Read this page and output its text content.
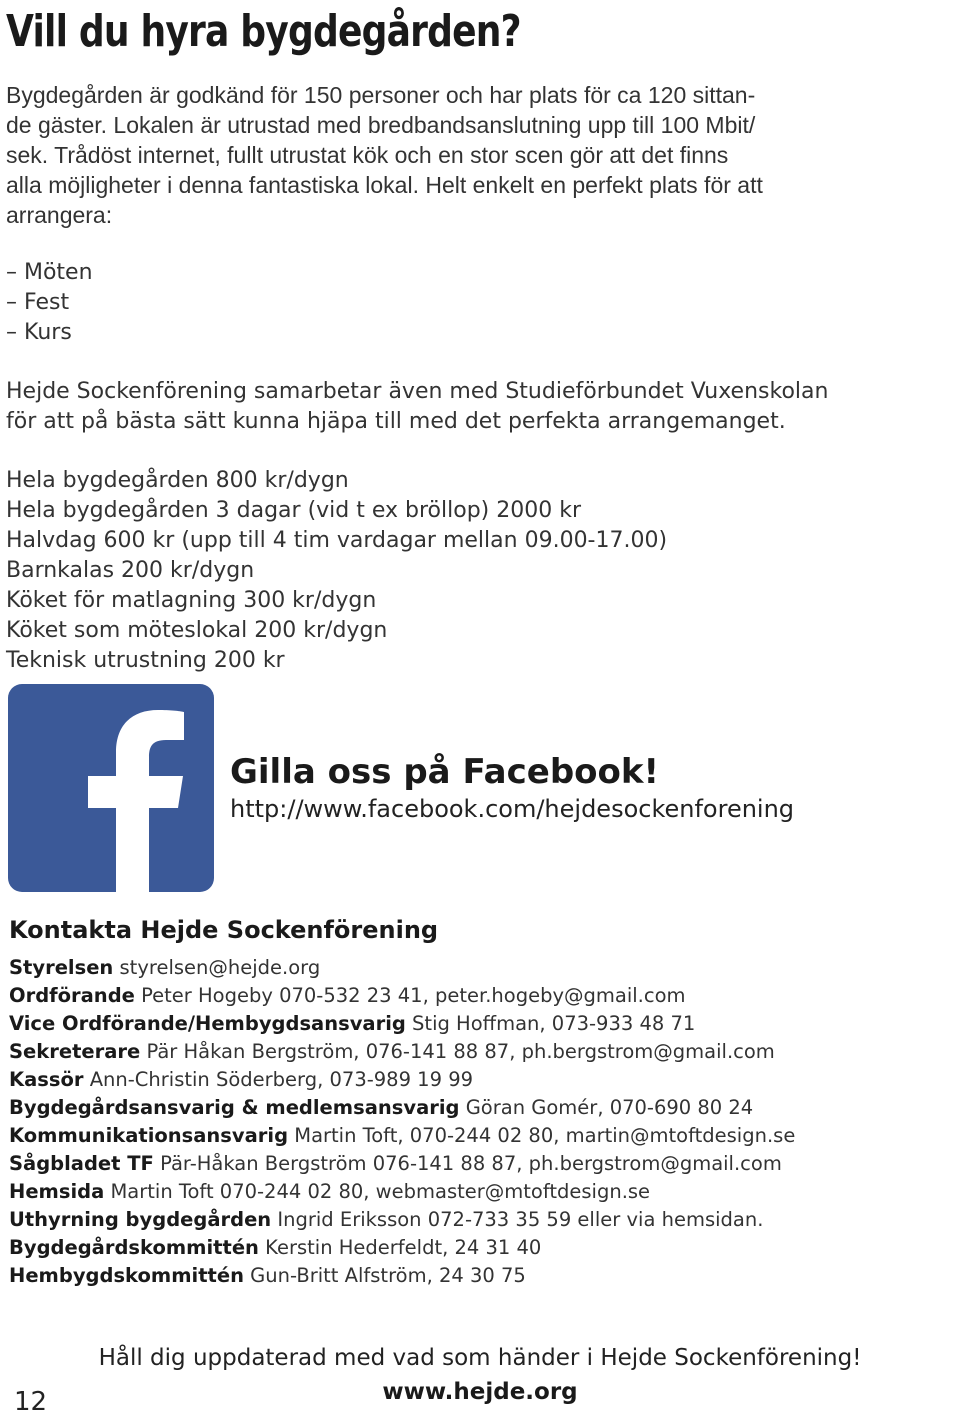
Vill du hyra bygdegården?
Bygdegården är godkänd för 150 personer och har plats för ca 120 sittan-
de gäster. Lokalen är utrustad med bredbandsanslutning upp till 100 Mbit/
sek. Trådöst internet, fullt utrustat kök och en stor scen gör att det finns
alla möjligheter i denna fantastiska lokal. Helt enkelt en perfekt plats för att
arrangera:
– Möten
– Fest
– Kurs
Hejde Sockenförening samarbetar även med Studieförbundet Vuxenskolan
för att på bästa sätt kunna hjäpa till med det perfekta arrangemanget.
Hela bygdegården 800 kr/dygn
Hela bygdegården 3 dagar (vid t ex bröllop) 2000 kr
Halvdag 600 kr (upp till 4 tim vardagar mellan 09.00-17.00)
Barnkalas 200 kr/dygn
Köket för matlagning 300 kr/dygn
Köket som möteslokal 200 kr/dygn
Teknisk utrustning 200 kr
Gilla oss på Facebook!

http://www.facebook.com/hejdesockenforening

Kontakta Hejde Sockenförening
Styrelsen styrelsen@hejde.org
Ordförande Peter Hogeby 070-532 23 41, peter.hogeby@gmail.com
Vice Ordförande/Hembygdsansvarig Stig Hoffman, 073-933 48 71
Sekreterare Pär Håkan Bergström, 076-141 88 87, ph.bergstrom@gmail.com
Kassör Ann-Christin Söderberg, 073-989 19 99
Bygdegårdsansvarig & medlemsansvarig Göran Gomér, 070-690 80 24
Kommunikationsansvarig Martin Toft, 070-244 02 80, martin@mtoftdesign.se
Sågbladet TF Pär-Håkan Bergström 076-141 88 87, ph.bergstrom@gmail.com
Hemsida Martin Toft 070-244 02 80, webmaster@mtoftdesign.se
Uthyrning bygdegården Ingrid Eriksson 072-733 35 59 eller via hemsidan.
Bygdegårdskommittén Kerstin Hederfeldt, 24 31 40
Hembygdskommittén Gun-Britt Alfström, 24 30 75

Håll dig uppdaterad med vad som händer i Hejde Sockenförening!

www.hejde.org

12
